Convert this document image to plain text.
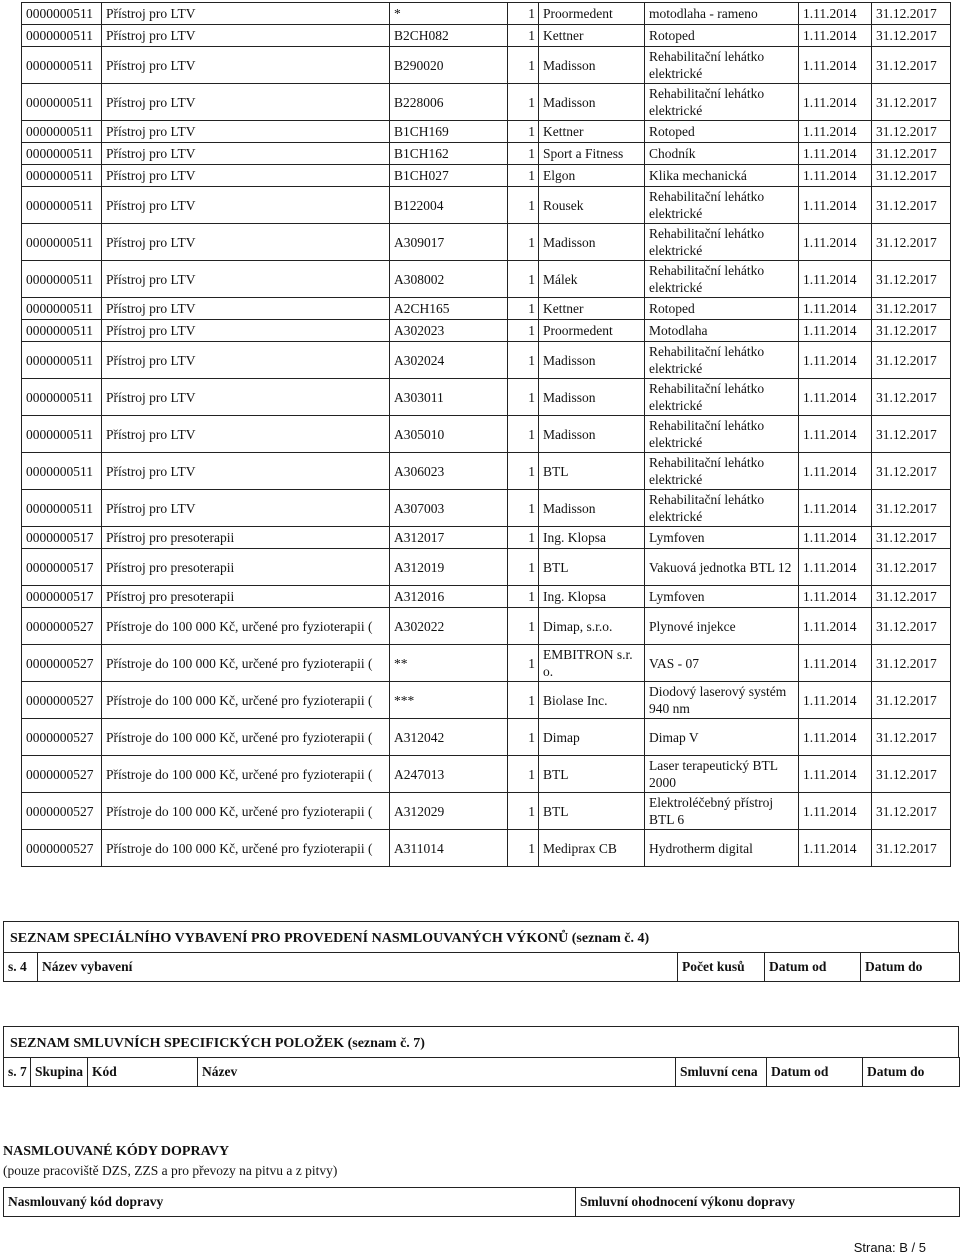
0000000511	Přístroj pro LTV	*	1	Proormedent	motodlaha - rameno	1.11.2014	31.12.2017
0000000511	Přístroj pro LTV	B2CH082	1	Kettner	Rotoped	1.11.2014	31.12.2017
0000000511	Přístroj pro LTV	B290020	1	Madisson	Rehabilitační lehátko elektrické	1.11.2014	31.12.2017
0000000511	Přístroj pro LTV	B228006	1	Madisson	Rehabilitační lehátko elektrické	1.11.2014	31.12.2017
0000000511	Přístroj pro LTV	B1CH169	1	Kettner	Rotoped	1.11.2014	31.12.2017
0000000511	Přístroj pro LTV	B1CH162	1	Sport a Fitness	Chodník	1.11.2014	31.12.2017
0000000511	Přístroj pro LTV	B1CH027	1	Elgon	Klika mechanická	1.11.2014	31.12.2017
0000000511	Přístroj pro LTV	B122004	1	Rousek	Rehabilitační lehátko elektrické	1.11.2014	31.12.2017
0000000511	Přístroj pro LTV	A309017	1	Madisson	Rehabilitační lehátko elektrické	1.11.2014	31.12.2017
0000000511	Přístroj pro LTV	A308002	1	Málek	Rehabilitační lehátko elektrické	1.11.2014	31.12.2017
0000000511	Přístroj pro LTV	A2CH165	1	Kettner	Rotoped	1.11.2014	31.12.2017
0000000511	Přístroj pro LTV	A302023	1	Proormedent	Motodlaha	1.11.2014	31.12.2017
0000000511	Přístroj pro LTV	A302024	1	Madisson	Rehabilitační lehátko elektrické	1.11.2014	31.12.2017
0000000511	Přístroj pro LTV	A303011	1	Madisson	Rehabilitační lehátko elektrické	1.11.2014	31.12.2017
0000000511	Přístroj pro LTV	A305010	1	Madisson	Rehabilitační lehátko elektrické	1.11.2014	31.12.2017
0000000511	Přístroj pro LTV	A306023	1	BTL	Rehabilitační lehátko elektrické	1.11.2014	31.12.2017
0000000511	Přístroj pro LTV	A307003	1	Madisson	Rehabilitační lehátko elektrické	1.11.2014	31.12.2017
0000000517	Přístroj pro presoterapii	A312017	1	Ing. Klopsa	Lymfoven	1.11.2014	31.12.2017
0000000517	Přístroj pro presoterapii	A312019	1	BTL	Vakuová jednotka BTL 12	1.11.2014	31.12.2017
0000000517	Přístroj pro presoterapii	A312016	1	Ing. Klopsa	Lymfoven	1.11.2014	31.12.2017
0000000527	Přístroje do 100 000 Kč, určené pro fyzioterapii (	A302022	1	Dimap, s.r.o.	Plynové injekce	1.11.2014	31.12.2017
0000000527	Přístroje do 100 000 Kč, určené pro fyzioterapii (	**	1	EMBITRON s.r. o.	VAS - 07	1.11.2014	31.12.2017
0000000527	Přístroje do 100 000 Kč, určené pro fyzioterapii (	***	1	Biolase Inc.	Diodový laserový systém 940 nm	1.11.2014	31.12.2017
0000000527	Přístroje do 100 000 Kč, určené pro fyzioterapii (	A312042	1	Dimap	Dimap V	1.11.2014	31.12.2017
0000000527	Přístroje do 100 000 Kč, určené pro fyzioterapii (	A247013	1	BTL	Laser terapeutický BTL 2000	1.11.2014	31.12.2017
0000000527	Přístroje do 100 000 Kč, určené pro fyzioterapii (	A312029	1	BTL	Elektroléčebný přístroj BTL 6	1.11.2014	31.12.2017
0000000527	Přístroje do 100 000 Kč, určené pro fyzioterapii (	A311014	1	Mediprax CB	Hydrotherm digital	1.11.2014	31.12.2017
SEZNAM SPECIÁLNÍHO VYBAVENÍ PRO PROVEDENÍ NASMLOUVANÝCH VÝKONŮ (seznam č. 4)
s. 4	Název vybavení	Počet kusů	Datum od	Datum do
SEZNAM SMLUVNÍCH SPECIFICKÝCH POLOŽEK (seznam č. 7)
s. 7	Skupina	Kód	Název	Smluvní cena	Datum od	Datum do
NASMLOUVANÉ KÓDY DOPRAVY
(pouze pracoviště DZS, ZZS a pro převozy na pitvu a z pitvy)
Nasmlouvaný kód dopravy	Smluvní ohodnocení výkonu dopravy
Strana: B / 5
